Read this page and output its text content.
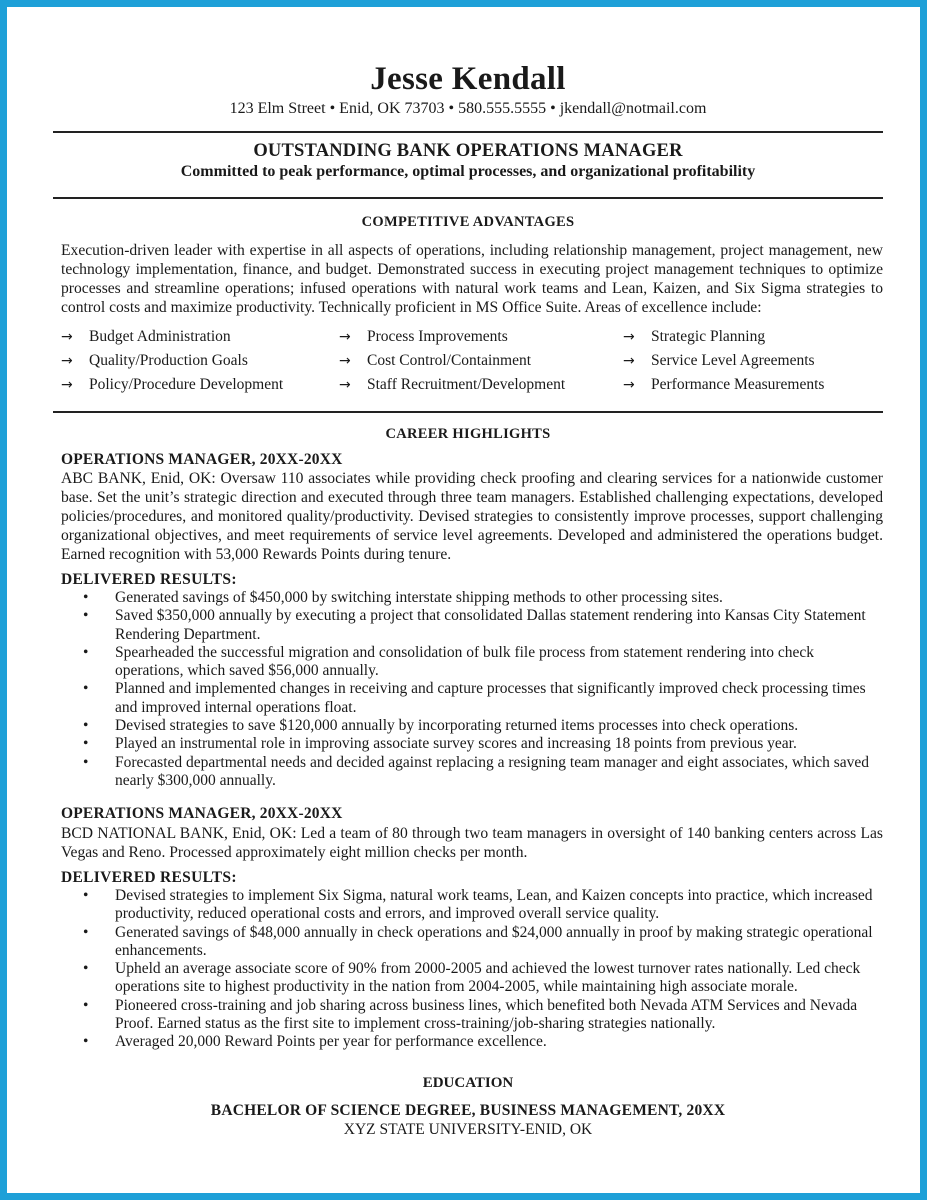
Jesse Kendall
123 Elm Street • Enid, OK 73703 • 580.555.5555 • jkendall@notmail.com
OUTSTANDING BANK OPERATIONS MANAGER
Committed to peak performance, optimal processes, and organizational profitability
COMPETITIVE ADVANTAGES
Execution-driven leader with expertise in all aspects of operations, including relationship management, project management, new technology implementation, finance, and budget. Demonstrated success in executing project management techniques to optimize processes and streamline operations; infused operations with natural work teams and Lean, Kaizen, and Six Sigma strategies to control costs and maximize productivity. Technically proficient in MS Office Suite. Areas of excellence include:
→ Budget Administration	→ Process Improvements	→ Strategic Planning
→ Quality/Production Goals	→ Cost Control/Containment	→ Service Level Agreements
→ Policy/Procedure Development	→ Staff Recruitment/Development	→ Performance Measurements
CAREER HIGHLIGHTS
OPERATIONS MANAGER, 20XX-20XX
ABC BANK, Enid, OK: Oversaw 110 associates while providing check proofing and clearing services for a nationwide customer base. Set the unit’s strategic direction and executed through three team managers. Established challenging expectations, developed policies/procedures, and monitored quality/productivity. Devised strategies to consistently improve processes, support challenging organizational objectives, and meet requirements of service level agreements. Developed and administered the operations budget. Earned recognition with 53,000 Rewards Points during tenure.
DELIVERED RESULTS:
• Generated savings of $450,000 by switching interstate shipping methods to other processing sites.
• Saved $350,000 annually by executing a project that consolidated Dallas statement rendering into Kansas City Statement Rendering Department.
• Spearheaded the successful migration and consolidation of bulk file process from statement rendering into check operations, which saved $56,000 annually.
• Planned and implemented changes in receiving and capture processes that significantly improved check processing times and improved internal operations float.
• Devised strategies to save $120,000 annually by incorporating returned items processes into check operations.
• Played an instrumental role in improving associate survey scores and increasing 18 points from previous year.
• Forecasted departmental needs and decided against replacing a resigning team manager and eight associates, which saved nearly $300,000 annually.
OPERATIONS MANAGER, 20XX-20XX
BCD NATIONAL BANK, Enid, OK: Led a team of 80 through two team managers in oversight of 140 banking centers across Las Vegas and Reno. Processed approximately eight million checks per month.
DELIVERED RESULTS:
• Devised strategies to implement Six Sigma, natural work teams, Lean, and Kaizen concepts into practice, which increased productivity, reduced operational costs and errors, and improved overall service quality.
• Generated savings of $48,000 annually in check operations and $24,000 annually in proof by making strategic operational enhancements.
• Upheld an average associate score of 90% from 2000-2005 and achieved the lowest turnover rates nationally. Led check operations site to highest productivity in the nation from 2004-2005, while maintaining high associate morale.
• Pioneered cross-training and job sharing across business lines, which benefited both Nevada ATM Services and Nevada Proof. Earned status as the first site to implement cross-training/job-sharing strategies nationally.
• Averaged 20,000 Reward Points per year for performance excellence.
EDUCATION
BACHELOR OF SCIENCE DEGREE, BUSINESS MANAGEMENT, 20XX
XYZ STATE UNIVERSITY-ENID, OK
